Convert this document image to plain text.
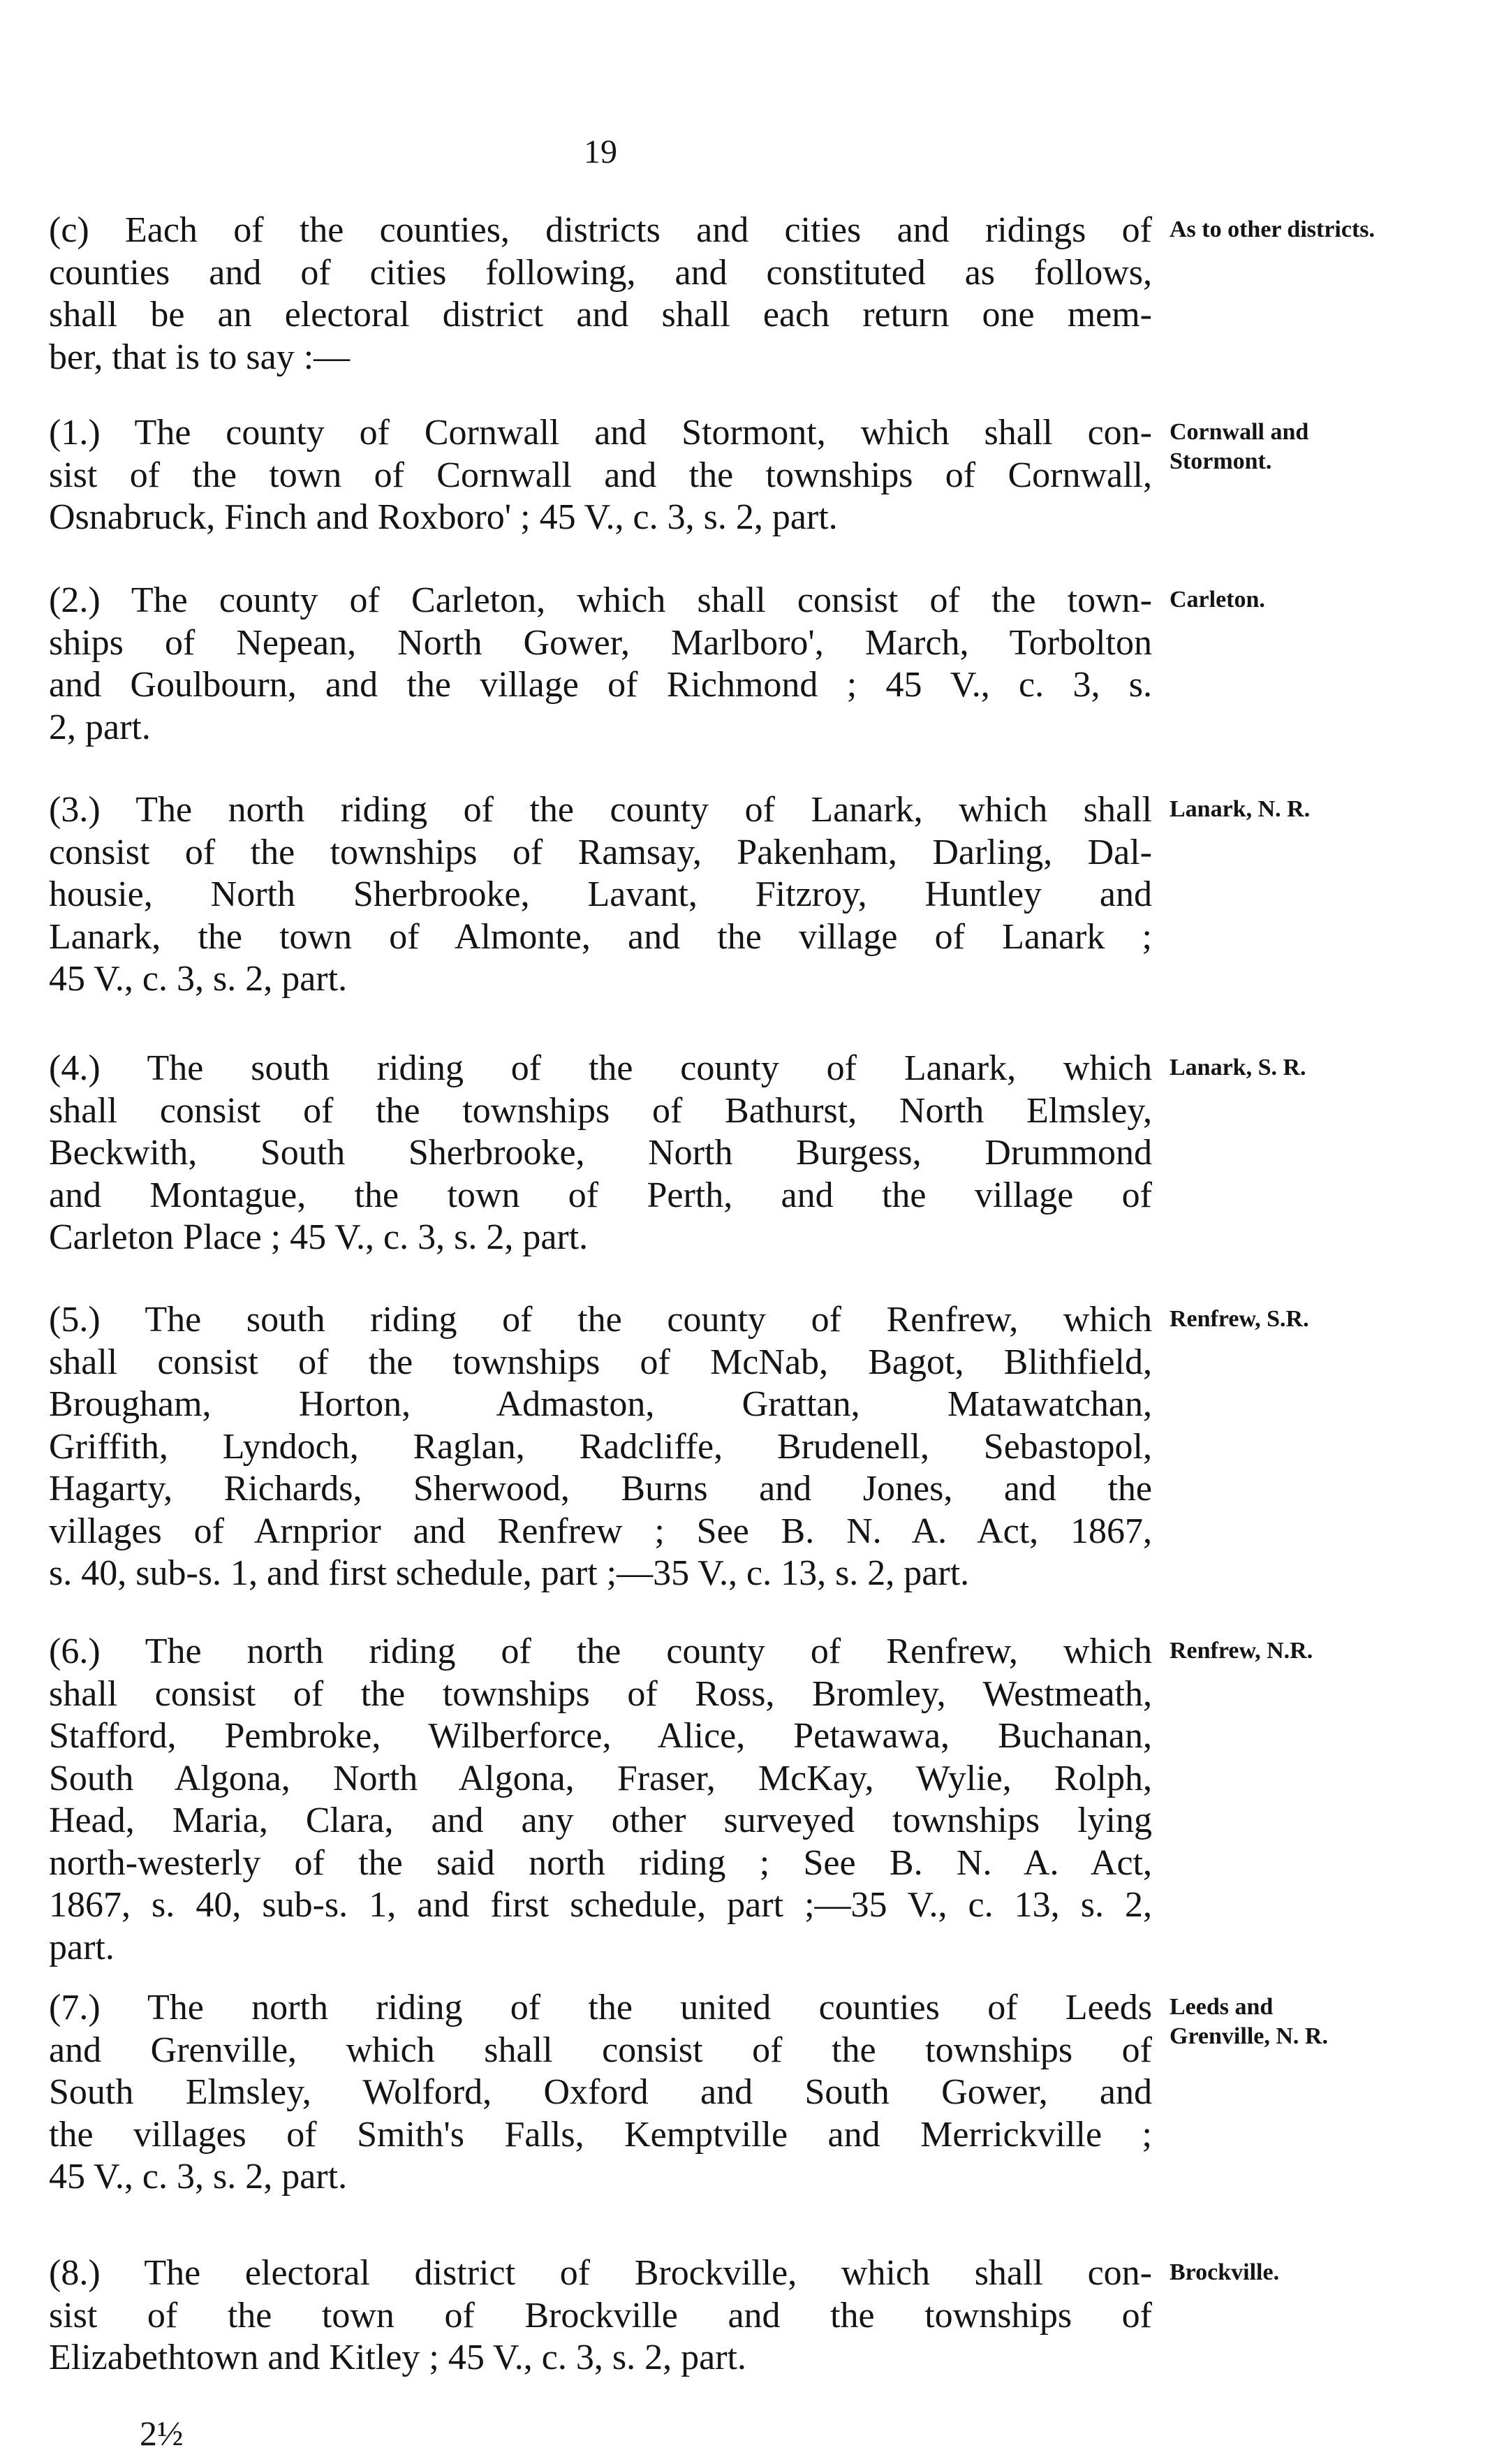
19
(c) Each of the counties, districts and cities and ridings of
counties and of cities following, and constituted as follows,
shall be an electoral district and shall each return one mem-
ber, that is to say :—
As to other districts.
(1.) The county of Cornwall and Stormont, which shall con-
sist of the town of Cornwall and the townships of Cornwall,
Osnabruck, Finch and Roxboro' ; 45 V., c. 3, s. 2, part.
Cornwall and Stormont.
(2.) The county of Carleton, which shall consist of the town-
ships of Nepean, North Gower, Marlboro', March, Torbolton
and Goulbourn, and the village of Richmond ; 45 V., c. 3, s.
2, part.
Carleton.
(3.) The north riding of the county of Lanark, which shall
consist of the townships of Ramsay, Pakenham, Darling, Dal-
housie, North Sherbrooke, Lavant, Fitzroy, Huntley and
Lanark, the town of Almonte, and the village of Lanark ;
45 V., c. 3, s. 2, part.
Lanark, N. R.
(4.) The south riding of the county of Lanark, which
shall consist of the townships of Bathurst, North Elmsley,
Beckwith, South Sherbrooke, North Burgess, Drummond
and Montague, the town of Perth, and the village of
Carleton Place ; 45 V., c. 3, s. 2, part.
Lanark, S. R.
(5.) The south riding of the county of Renfrew, which
shall consist of the townships of McNab, Bagot, Blithfield,
Brougham, Horton, Admaston, Grattan, Matawatchan,
Griffith, Lyndoch, Raglan, Radcliffe, Brudenell, Sebastopol,
Hagarty, Richards, Sherwood, Burns and Jones, and the
villages of Arnprior and Renfrew ; See B. N. A. Act, 1867,
s. 40, sub-s. 1, and first schedule, part ;—35 V., c. 13, s. 2, part.
Renfrew, S.R.
(6.) The north riding of the county of Renfrew, which
shall consist of the townships of Ross, Bromley, Westmeath,
Stafford, Pembroke, Wilberforce, Alice, Petawawa, Buchanan,
South Algona, North Algona, Fraser, McKay, Wylie, Rolph,
Head, Maria, Clara, and any other surveyed townships lying
north-westerly of the said north riding ; See B. N. A. Act,
1867, s. 40, sub-s. 1, and first schedule, part ;—35 V., c. 13, s. 2,
part.
Renfrew, N.R.
(7.) The north riding of the united counties of Leeds
and Grenville, which shall consist of the townships of
South Elmsley, Wolford, Oxford and South Gower, and
the villages of Smith's Falls, Kemptville and Merrickville ;
45 V., c. 3, s. 2, part.
Leeds and Grenville, N. R.
(8.) The electoral district of Brockville, which shall con-
sist of the town of Brockville and the townships of
Elizabethtown and Kitley ; 45 V., c. 3, s. 2, part.
Brockville.
2½
